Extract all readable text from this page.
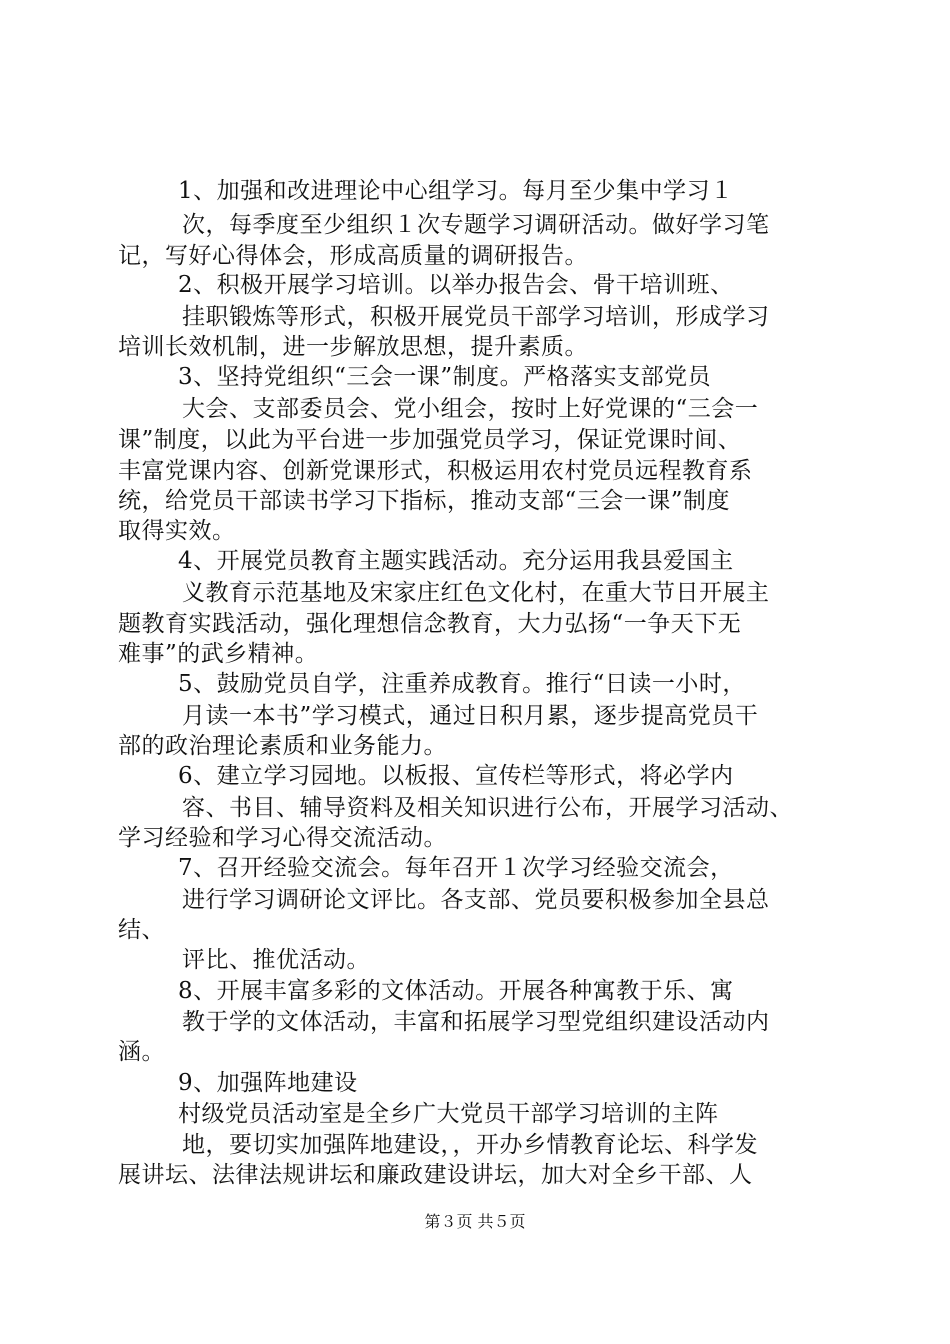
1、加强和改进理论中心组学习。每月至少集中学习１
次，每季度至少组织１次专题学习调研活动。做好学习笔
记，写好心得体会，形成高质量的调研报告。
2、积极开展学习培训。以举办报告会、骨干培训班、
挂职锻炼等形式，积极开展党员干部学习培训，形成学习
培训长效机制，进一步解放思想，提升素质。
3、坚持党组织“三会一课”制度。严格落实支部党员
大会、支部委员会、党小组会，按时上好党课的“三会一
课”制度，以此为平台进一步加强党员学习，保证党课时间、
丰富党课内容、创新党课形式，积极运用农村党员远程教育系
统，给党员干部读书学习下指标，推动支部“三会一课”制度
取得实效。
4、开展党员教育主题实践活动。充分运用我县爱国主
义教育示范基地及宋家庄红色文化村，在重大节日开展主
题教育实践活动，强化理想信念教育，大力弘扬“一争天下无
难事”的武乡精神。
5、鼓励党员自学，注重养成教育。推行“日读一小时，
月读一本书”学习模式，通过日积月累，逐步提高党员干
部的政治理论素质和业务能力。
6、建立学习园地。以板报、宣传栏等形式，将必学内
容、书目、辅导资料及相关知识进行公布，开展学习活动、
学习经验和学习心得交流活动。
7、召开经验交流会。每年召开１次学习经验交流会，
进行学习调研论文评比。各支部、党员要积极参加全县总
结、
评比、推优活动。
8、开展丰富多彩的文体活动。开展各种寓教于乐、寓
教于学的文体活动，丰富和拓展学习型党组织建设活动内
涵。
9、加强阵地建设
村级党员活动室是全乡广大党员干部学习培训的主阵
地，要切实加强阵地建设，，开办乡情教育论坛、科学发
展讲坛、法律法规讲坛和廉政建设讲坛，加大对全乡干部、人
第３页 共５页
